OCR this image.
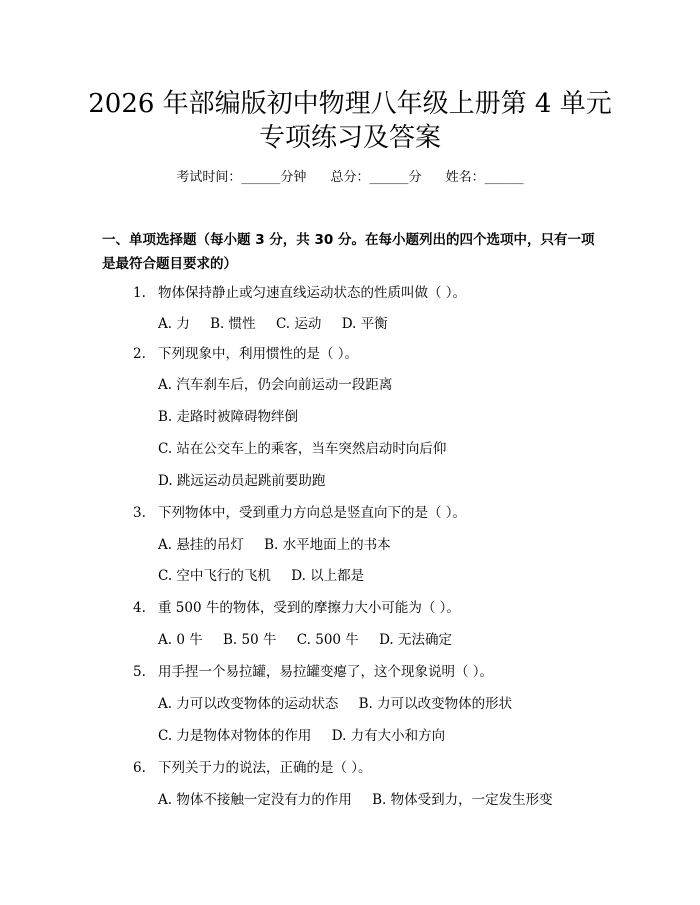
2026 年部编版初中物理八年级上册第 4 单元
专项练习及答案
考试时间：______分钟 总分：______分 姓名：______
一、单项选择题（每小题 3 分，共 30 分。在每小题列出的四个选项中，只有一项
是最符合题目要求的）
1. 物体保持静止或匀速直线运动状态的性质叫做（ ）。
A. 力 B. 惯性 C. 运动 D. 平衡
2. 下列现象中，利用惯性的是（ ）。
A. 汽车刹车后，仍会向前运动一段距离
B. 走路时被障碍物绊倒
C. 站在公交车上的乘客，当车突然启动时向后仰
D. 跳远运动员起跳前要助跑
3. 下列物体中，受到重力方向总是竖直向下的是（ ）。
A. 悬挂的吊灯 B. 水平地面上的书本
C. 空中飞行的飞机 D. 以上都是
4. 重 500 牛的物体，受到的摩擦力大小可能为（ ）。
A. 0 牛 B. 50 牛 C. 500 牛 D. 无法确定
5. 用手捏一个易拉罐，易拉罐变瘪了，这个现象说明（ ）。
A. 力可以改变物体的运动状态 B. 力可以改变物体的形状
C. 力是物体对物体的作用 D. 力有大小和方向
6. 下列关于力的说法，正确的是（ ）。
A. 物体不接触一定没有力的作用 B. 物体受到力，一定发生形变
